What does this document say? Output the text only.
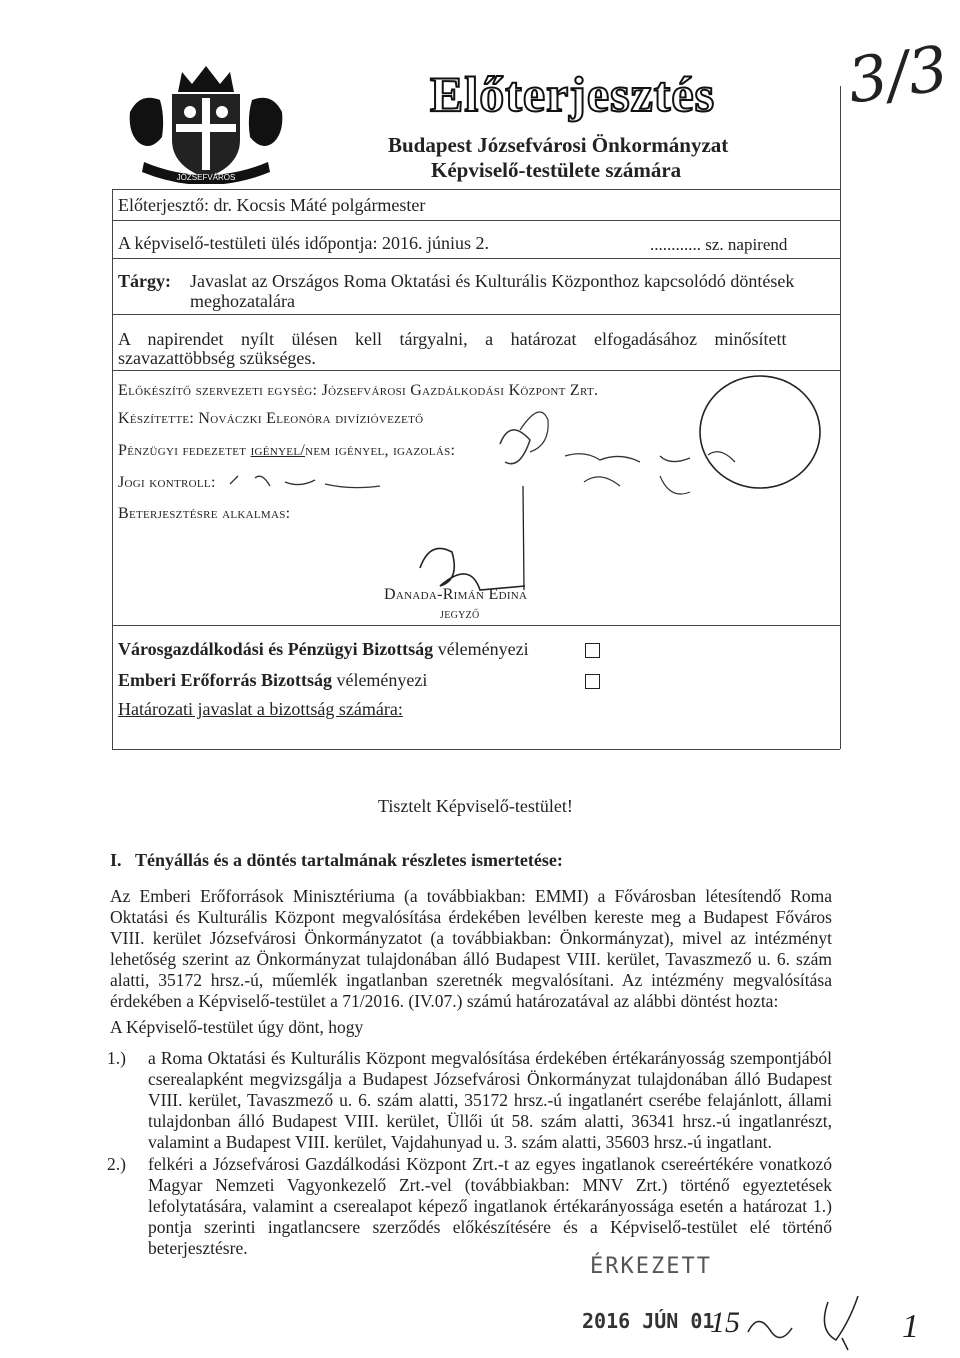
JÓZSEFVÁROS
Előterjesztés
Budapest Józsefvárosi Önkormányzat
Képviselő-testülete számára
3/3
Előterjesztő: dr. Kocsis Máté polgármester
A képviselő-testületi ülés időpontja: 2016. június 2.	............ sz. napirend
Tárgy: Javaslat az Országos Roma Oktatási és Kulturális Központhoz kapcsolódó döntések
meghozatalára
A napirendet nyílt ülésen kell tárgyalni, a határozat elfogadásához minősített
szavazattöbbség szükséges.
Előkészítő szervezeti egység: Józsefvárosi Gazdálkodási Központ Zrt.
Készítette: Nováczki Eleonóra divízióvezető
Pénzügyi fedezetet igényel/nem igényel, igazolás:
Jogi kontroll:
Beterjesztésre alkalmas:
Danada-Rimán Edina
jegyző
Városgazdálkodási és Pénzügyi Bizottság véleményezi
Emberi Erőforrás Bizottság véleményezi
Határozati javaslat a bizottság számára:
Tisztelt Képviselő-testület!
I. Tényállás és a döntés tartalmának részletes ismertetése:
Az Emberi Erőforrások Minisztériuma (a továbbiakban: EMMI) a Fővárosban létesítendő Roma Oktatási és Kulturális Központ megvalósítása érdekében levélben kereste meg a Budapest Főváros VIII. kerület Józsefvárosi Önkormányzatot (a továbbiakban: Önkormányzat), mivel az intézményt lehetőség szerint az Önkormányzat tulajdonában álló Budapest VIII. kerület, Tavaszmező u. 6. szám alatti, 35172 hrsz.-ú, műemlék ingatlanban szeretnék megvalósítani. Az intézmény megvalósítása érdekében a Képviselő-testület a 71/2016. (IV.07.) számú határozatával az alábbi döntést hozta:
A Képviselő-testület úgy dönt, hogy
1.) a Roma Oktatási és Kulturális Központ megvalósítása érdekében értékarányosság szempontjából cserealapként megvizsgálja a Budapest Józsefvárosi Önkormányzat tulajdonában álló Budapest VIII. kerület, Tavaszmező u. 6. szám alatti, 35172 hrsz.-ú ingatlanért cserébe felajánlott, állami tulajdonban álló Budapest VIII. kerület, Üllői út 58. szám alatti, 36341 hrsz.-ú ingatlanrészt, valamint a Budapest VIII. kerület, Vajdahunyad u. 3. szám alatti, 35603 hrsz.-ú ingatlant.
2.) felkéri a Józsefvárosi Gazdálkodási Központ Zrt.-t az egyes ingatlanok csereértékére vonatkozó Magyar Nemzeti Vagyonkezelő Zrt.-vel (továbbiakban: MNV Zrt.) történő egyeztetések lefolytatására, valamint a cserealapot képező ingatlanok értékarányossága esetén a határozat 1.) pontja szerinti ingatlancsere szerződés előkészítésére és a Képviselő-testület elé történő beterjesztésre.
ÉRKEZETT
2016 JÚN 01
15	1
